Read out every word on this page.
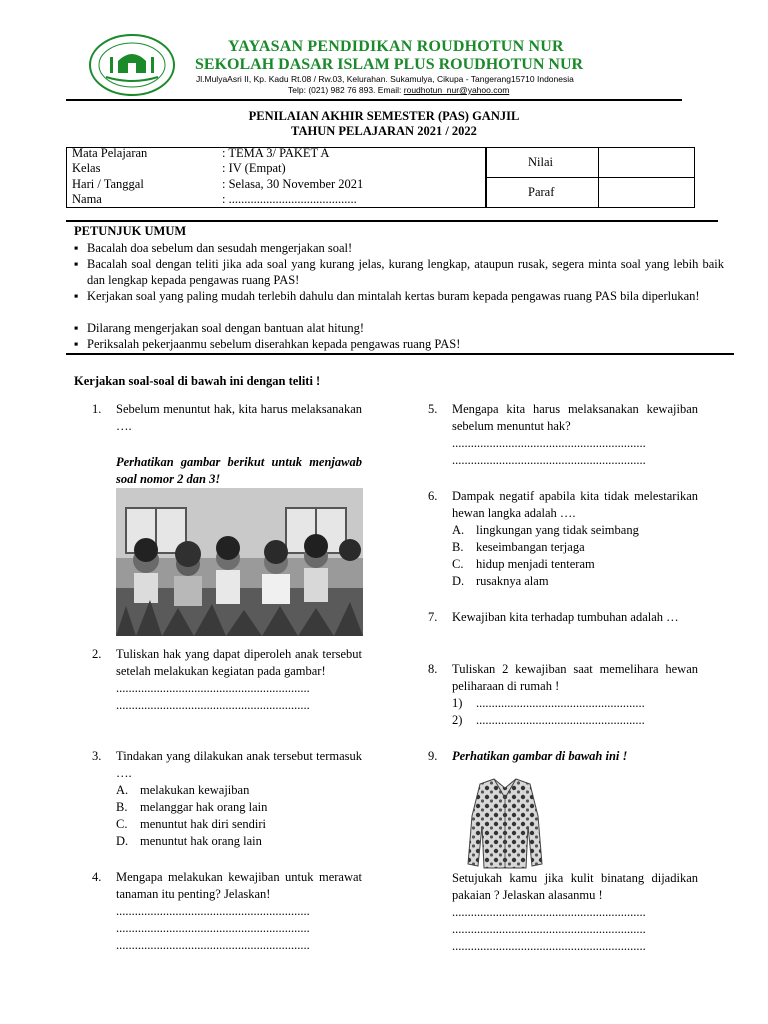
YAYASAN PENDIDIKAN ROUDHOTUN NUR
SEKOLAH DASAR ISLAM PLUS ROUDHOTUN NUR
Jl.MulyaAsri II, Kp. Kadu Rt.08 / Rw.03, Kelurahan. Sukamulya, Cikupa - Tangerang15710 Indonesia
Telp: (021) 982 76 893. Email: roudhotun_nur@yahoo.com
PENILAIAN AKHIR SEMESTER (PAS) GANJIL
TAHUN PELAJARAN 2021 / 2022
Mata Pelajaran	: TEMA 3/ PAKET A
Kelas	: IV (Empat)
Hari / Tanggal	: Selasa, 30 November 2021
Nama	: .........................................
Nilai
Paraf
PETUNJUK UMUM
▪ Bacalah doa sebelum dan sesudah mengerjakan soal!
▪ Bacalah soal dengan teliti jika ada soal yang kurang jelas, kurang lengkap, ataupun rusak, segera minta soal yang lebih baik dan lengkap kepada pengawas ruang PAS!
▪ Kerjakan soal yang paling mudah terlebih dahulu dan mintalah kertas buram kepada pengawas ruang PAS bila diperlukan!
▪ Dilarang mengerjakan soal dengan bantuan alat hitung!
▪ Periksalah pekerjaanmu sebelum diserahkan kepada pengawas ruang PAS!
Kerjakan soal-soal di bawah ini dengan teliti !
1. Sebelum menuntut hak, kita harus melaksanakan ….
Perhatikan gambar berikut untuk menjawab soal nomor 2 dan 3!
2. Tuliskan hak yang dapat diperoleh anak tersebut setelah melakukan kegiatan pada gambar!
..............................................................
..............................................................
3. Tindakan yang dilakukan anak tersebut termasuk ….
A. melakukan kewajiban
B. melanggar hak orang lain
C. menuntut hak diri sendiri
D. menuntut hak orang lain
4. Mengapa melakukan kewajiban untuk merawat tanaman itu penting? Jelaskan!
..............................................................
..............................................................
..............................................................
5. Mengapa kita harus melaksanakan kewajiban sebelum menuntut hak?
..............................................................
..............................................................
6. Dampak negatif apabila kita tidak melestarikan hewan langka adalah ….
A. lingkungan yang tidak seimbang
B. keseimbangan terjaga
C. hidup menjadi tenteram
D. rusaknya alam
7. Kewajiban kita terhadap tumbuhan adalah …
8. Tuliskan 2 kewajiban saat memelihara hewan peliharaan di rumah !
1) ......................................................
2) ......................................................
9. Perhatikan gambar di bawah ini !
Setujukah kamu jika kulit binatang dijadikan pakaian ? Jelaskan alasanmu !
..............................................................
..............................................................
..............................................................
